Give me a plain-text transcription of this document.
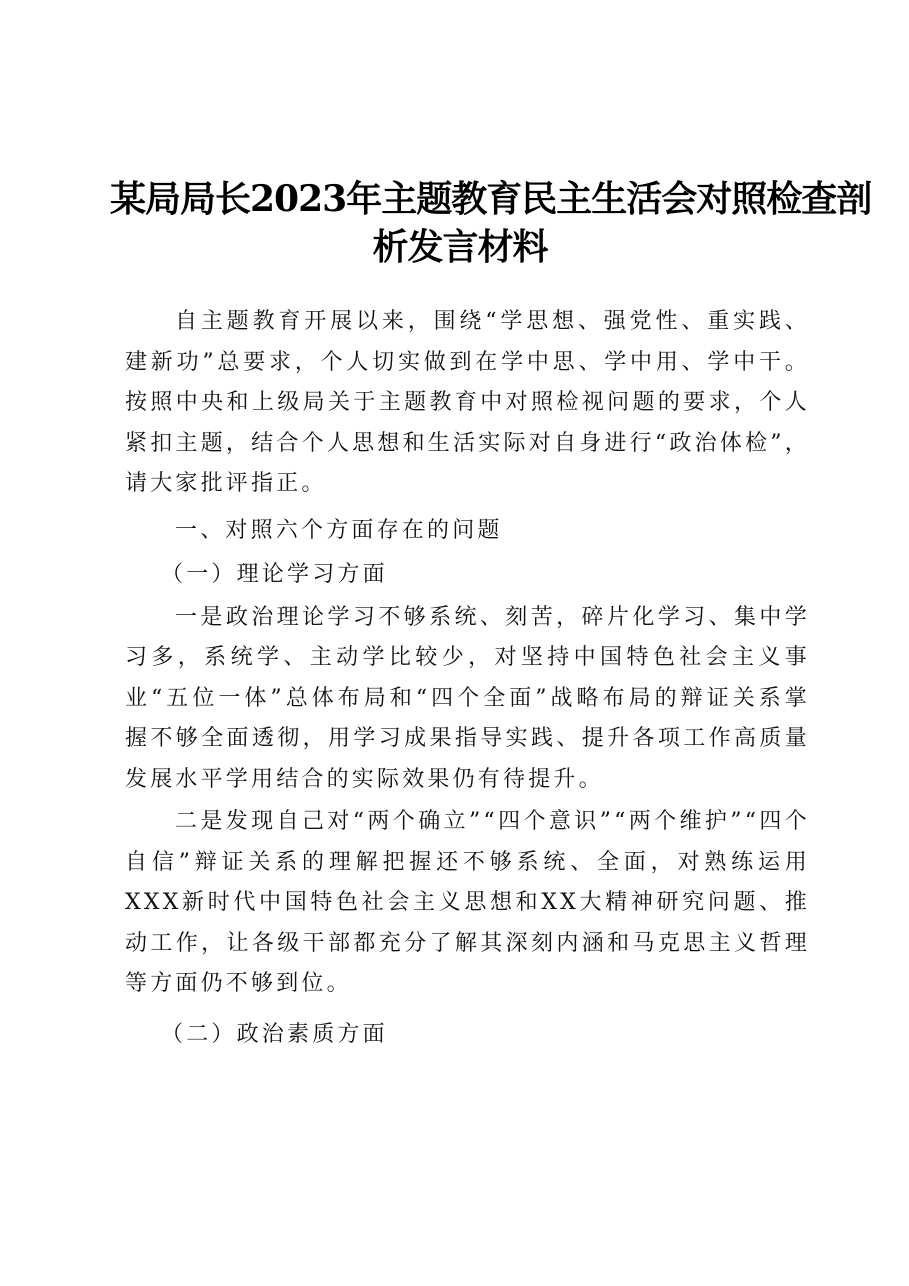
某局局长2023年主题教育民主生活会对照检查剖
析发言材料

自主题教育开展以来，围绕“学思想、强党性、重实践、建新功”总要求，个人切实做到在学中思、学中用、学中干。按照中央和上级局关于主题教育中对照检视问题的要求，个人紧扣主题，结合个人思想和生活实际对自身进行“政治体检”，请大家批评指正。

一、对照六个方面存在的问题

（一）理论学习方面

一是政治理论学习不够系统、刻苦，碎片化学习、集中学习多，系统学、主动学比较少，对坚持中国特色社会主义事业“五位一体”总体布局和“四个全面”战略布局的辩证关系掌握不够全面透彻，用学习成果指导实践、提升各项工作高质量发展水平学用结合的实际效果仍有待提升。

二是发现自己对“两个确立”“四个意识”“两个维护”“四个自信”辩证关系的理解把握还不够系统、全面，对熟练运用XXX新时代中国特色社会主义思想和XX大精神研究问题、推动工作，让各级干部都充分了解其深刻内涵和马克思主义哲理等方面仍不够到位。

（二）政治素质方面
